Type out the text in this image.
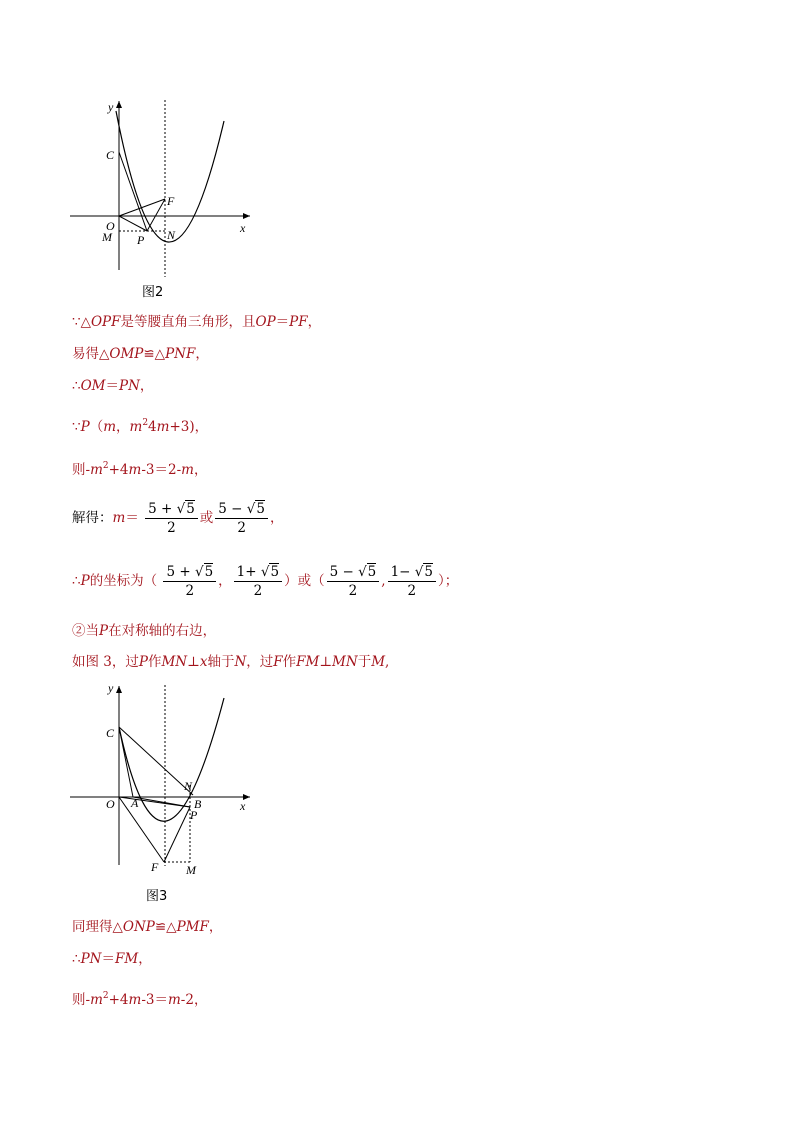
y
x
C
F
O
M P N
图2
∵△OPF是等腰直角三角形，且OP＝PF，
易得△OMP≌△PNF，
∴OM＝PN，
∵P（m，$m^24m+3$)，
则$-m^2+4m-3=2-m$，
解得：$m= \frac{5 + √5}{2}$ 或 $\frac{5 - √5}{2}$ ，
∴P的坐标为（ $\frac{5 + √5}{2}$ ， $\frac{1+ √5}{2}$ ）或（ $\frac{5 - √5}{2}$ , $\frac{1- √5}{2}$ ）；
②当P在对称轴的右边，
如图 3，过P作MN⊥x轴于N，过F作FM⊥MN于M,
y
x
C
N
O A	B
P
F M
图3
同理得△ONP≌△PMF，
∴PN＝FM，
则$-m^2+4m-3=m-2$，
